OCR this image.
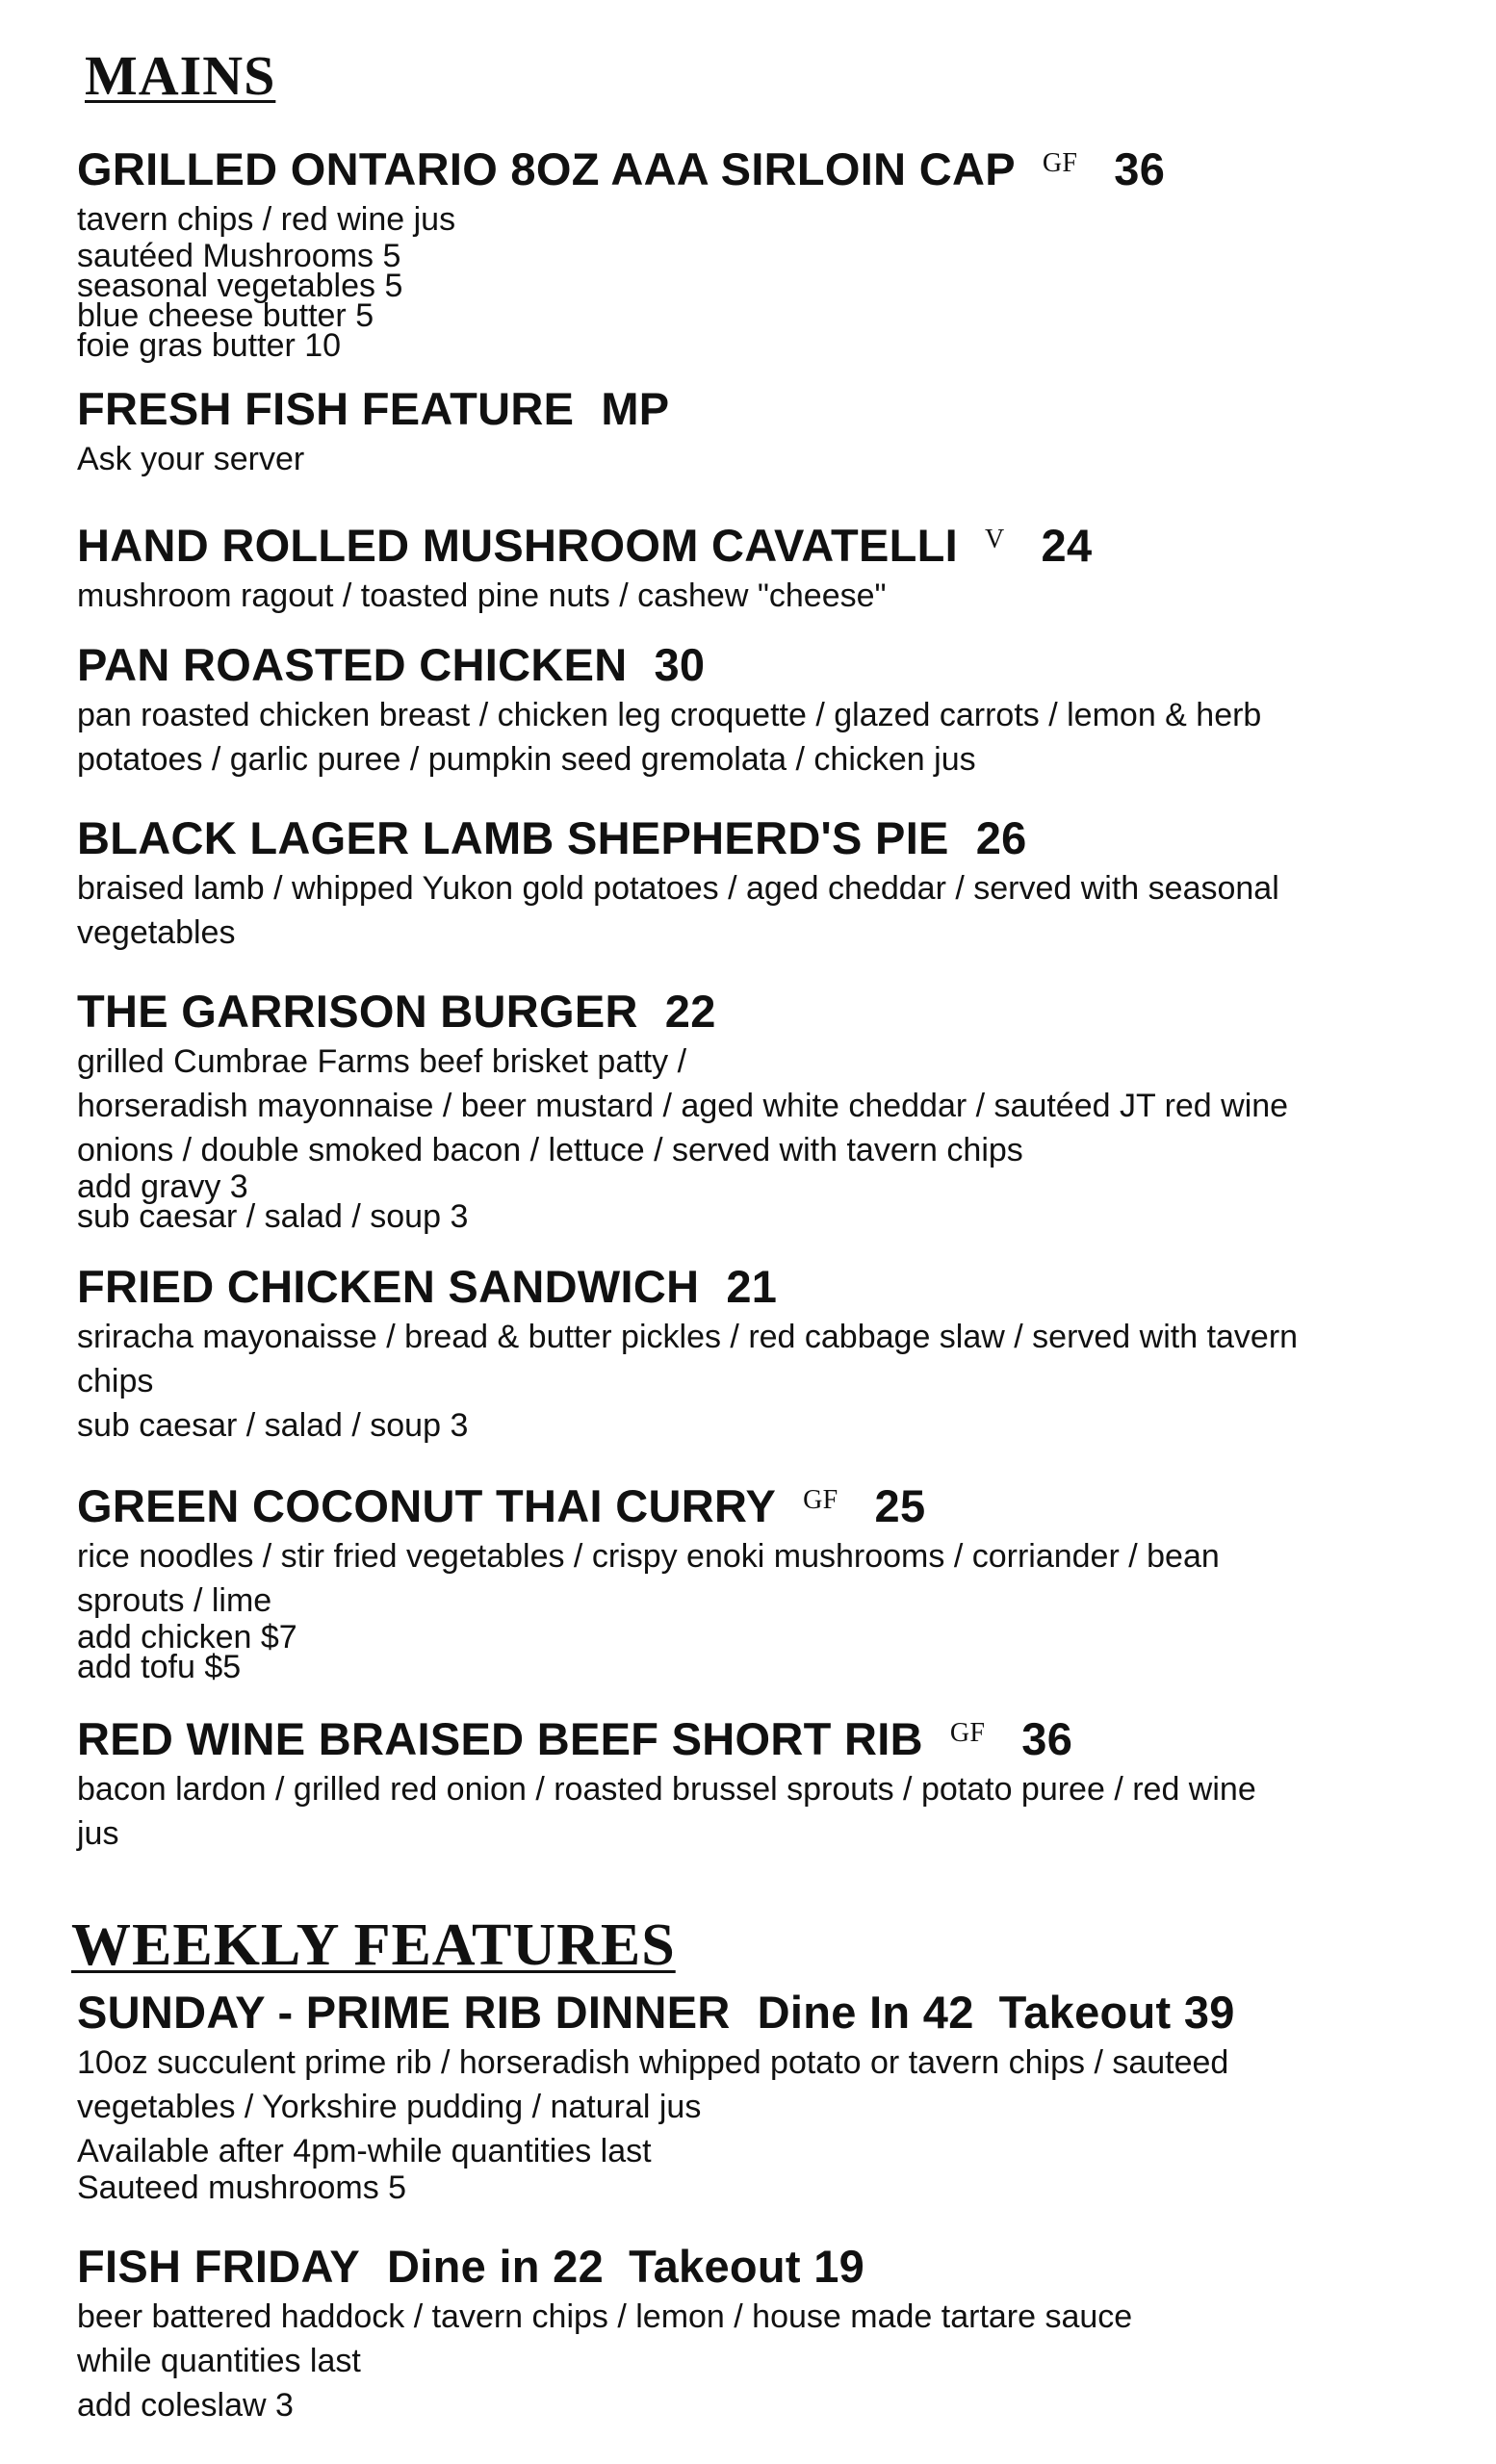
MAINS
GRILLED ONTARIO 8OZ AAA SIRLOIN CAP $^{GF}$ 36
tavern chips / red wine jus
sautéed Mushrooms 5
seasonal vegetables 5
blue cheese butter 5
foie gras butter 10
FRESH FISH FEATURE MP
Ask your server
HAND ROLLED MUSHROOM CAVATELLI $^V$ 24
mushroom ragout / toasted pine nuts / cashew "cheese"
PAN ROASTED CHICKEN 30
pan roasted chicken breast / chicken leg croquette / glazed carrots / lemon & herb
potatoes / garlic puree / pumpkin seed gremolata / chicken jus
BLACK LAGER LAMB SHEPHERD'S PIE 26
braised lamb / whipped Yukon gold potatoes / aged cheddar / served with seasonal
vegetables
THE GARRISON BURGER 22
grilled Cumbrae Farms beef brisket patty /
horseradish mayonnaise / beer mustard / aged white cheddar / sautéed JT red wine
onions / double smoked bacon / lettuce / served with tavern chips
add gravy 3
sub caesar / salad / soup 3
FRIED CHICKEN SANDWICH 21
sriracha mayonaisse / bread & butter pickles / red cabbage slaw / served with tavern
chips
sub caesar / salad / soup 3
GREEN COCONUT THAI CURRY $^{GF}$ 25
rice noodles / stir fried vegetables / crispy enoki mushrooms / corriander / bean
sprouts / lime
add chicken $7
add tofu $5
RED WINE BRAISED BEEF SHORT RIB $^{GF}$ 36
bacon lardon / grilled red onion / roasted brussel sprouts / potato puree / red wine
jus
WEEKLY FEATURES
SUNDAY - PRIME RIB DINNER Dine In 42 Takeout 39
10oz succulent prime rib / horseradish whipped potato or tavern chips / sauteed
vegetables / Yorkshire pudding / natural jus
Available after 4pm-while quantities last
Sauteed mushrooms 5
FISH FRIDAY Dine in 22 Takeout 19
beer battered haddock / tavern chips / lemon / house made tartare sauce
while quantities last
add coleslaw 3
